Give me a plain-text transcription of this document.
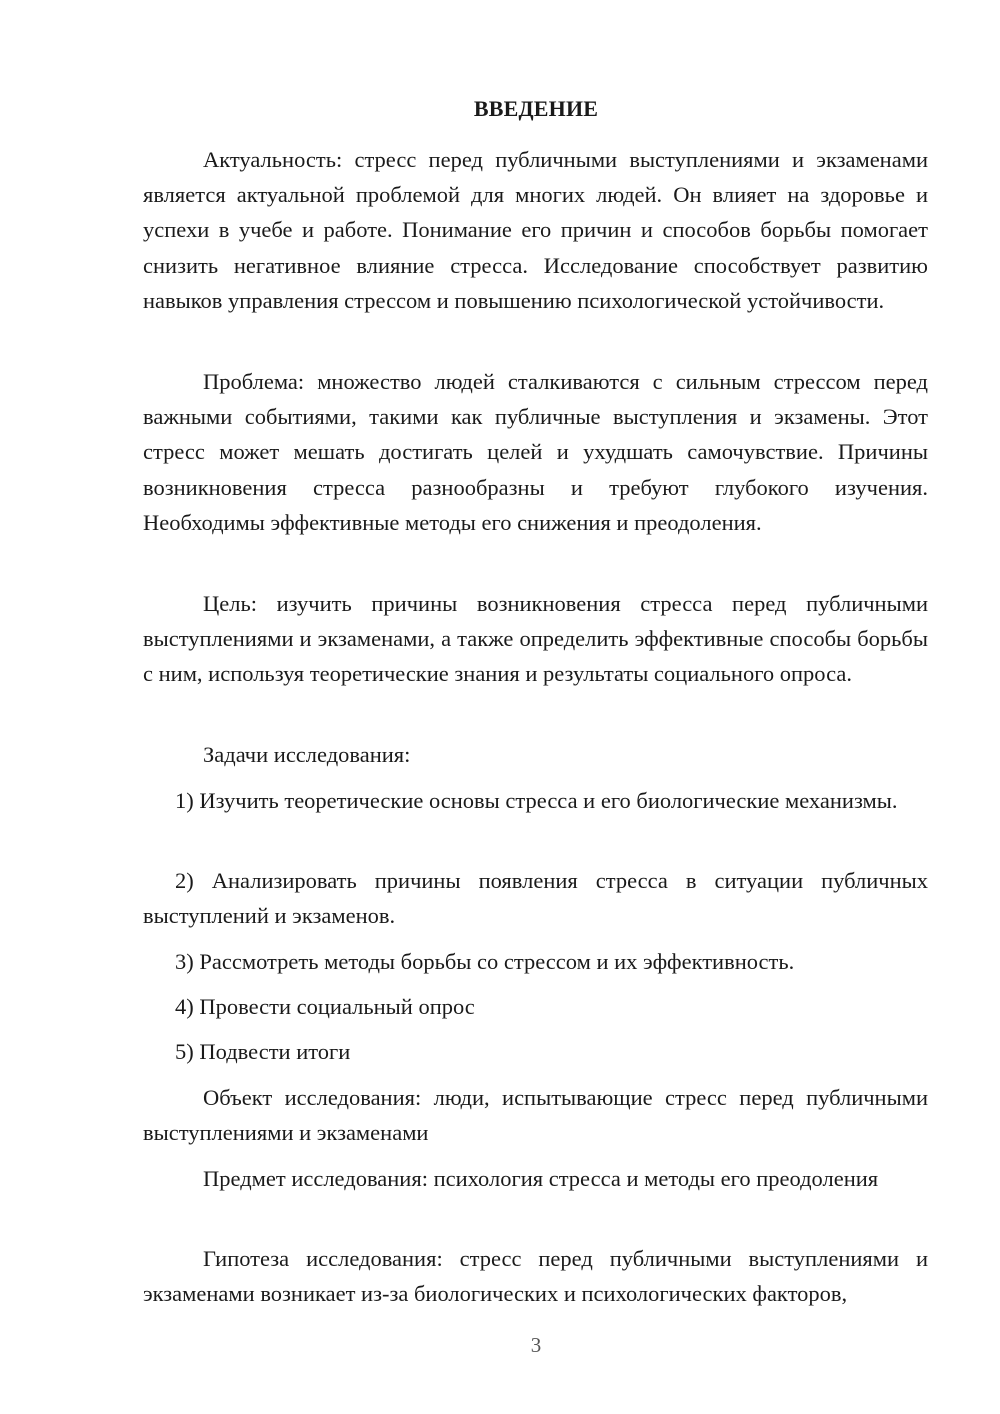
ВВЕДЕНИЕ

Актуальность: стресс перед публичными выступлениями и экзаменами является актуальной проблемой для многих людей. Он влияет на здоровье и успехи в учебе и работе. Понимание его причин и способов борьбы помогает снизить негативное влияние стресса. Исследование способствует развитию навыков управления стрессом и повышению психологической устойчивости.

Проблема: множество людей сталкиваются с сильным стрессом перед важными событиями, такими как публичные выступления и экзамены. Этот стресс может мешать достигать целей и ухудшать самочувствие. Причины возникновения стресса разнообразны и требуют глубокого изучения. Необходимы эффективные методы его снижения и преодоления.

Цель: изучить причины возникновения стресса перед публичными выступлениями и экзаменами, а также определить эффективные способы борьбы с ним, используя теоретические знания и результаты социального опроса.

Задачи исследования:

1) Изучить теоретические основы стресса и его биологические механизмы.

2) Анализировать причины появления стресса в ситуации публичных выступлений и экзаменов.

3) Рассмотреть методы борьбы со стрессом и их эффективность.

4) Провести социальный опрос

5) Подвести итоги

Объект исследования: люди, испытывающие стресс перед публичными выступлениями и экзаменами

Предмет исследования: психология стресса и методы его преодоления

Гипотеза исследования: стресс перед публичными выступлениями и экзаменами возникает из-за биологических и психологических факторов,

3
